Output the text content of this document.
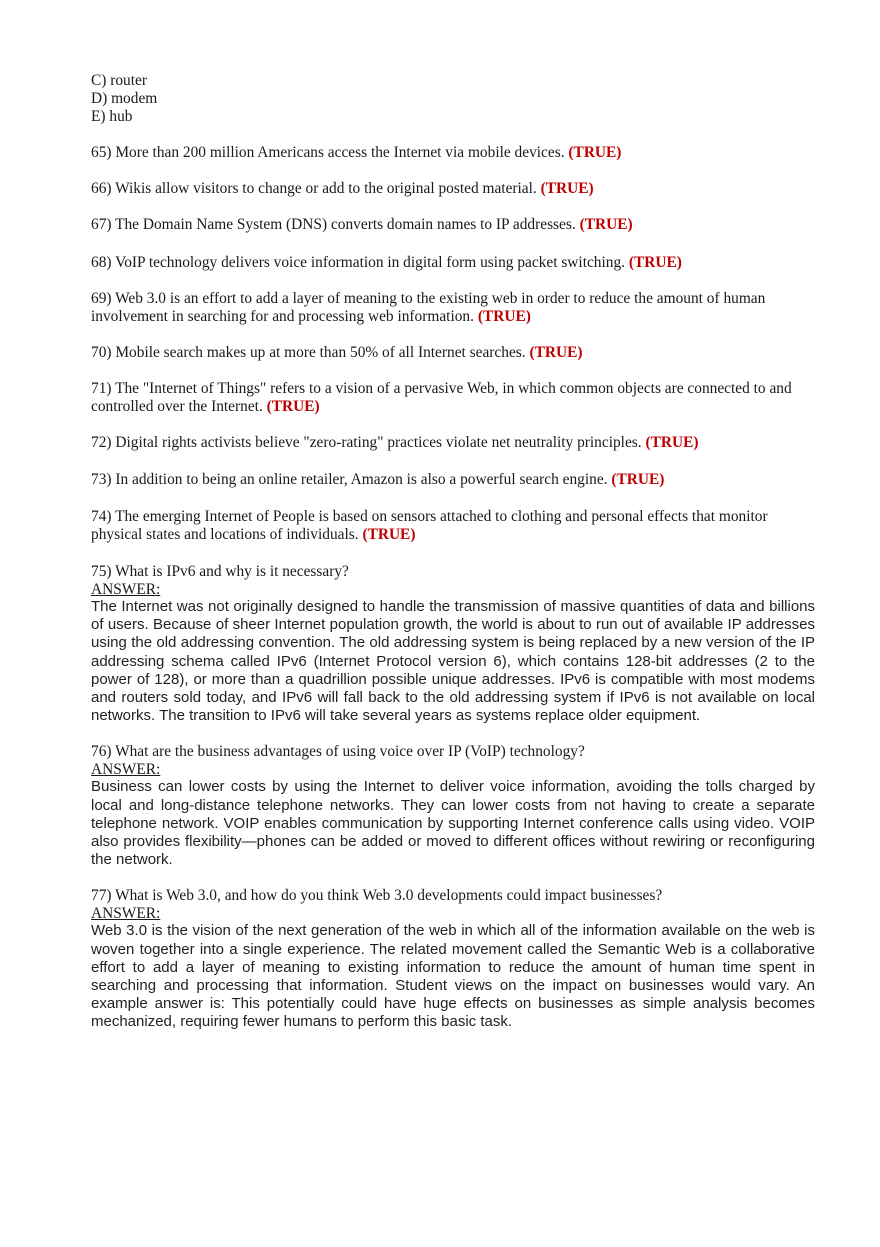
C) router
D) modem
E) hub
65) More than 200 million Americans access the Internet via mobile devices. (TRUE)
66) Wikis allow visitors to change or add to the original posted material. (TRUE)
67) The Domain Name System (DNS) converts domain names to IP addresses. (TRUE)
68) VoIP technology delivers voice information in digital form using packet switching. (TRUE)
69) Web 3.0 is an effort to add a layer of meaning to the existing web in order to reduce the amount of human involvement in searching for and processing web information. (TRUE)
70) Mobile search makes up at more than 50% of all Internet searches. (TRUE)
71) The "Internet of Things" refers to a vision of a pervasive Web, in which common objects are connected to and controlled over the Internet. (TRUE)
72) Digital rights activists believe "zero-rating" practices violate net neutrality principles. (TRUE)
73) In addition to being an online retailer, Amazon is also a powerful search engine. (TRUE)
74) The emerging Internet of People is based on sensors attached to clothing and personal effects that monitor physical states and locations of individuals. (TRUE)
75) What is IPv6 and why is it necessary?
ANSWER:
The Internet was not originally designed to handle the transmission of massive quantities of data and billions of users. Because of sheer Internet population growth, the world is about to run out of available IP addresses using the old addressing convention. The old addressing system is being replaced by a new version of the IP addressing schema called IPv6 (Internet Protocol version 6), which contains 128-bit addresses (2 to the power of 128), or more than a quadrillion possible unique addresses. IPv6 is compatible with most modems and routers sold today, and IPv6 will fall back to the old addressing system if IPv6 is not available on local networks. The transition to IPv6 will take several years as systems replace older equipment.
76) What are the business advantages of using voice over IP (VoIP) technology?
ANSWER:
Business can lower costs by using the Internet to deliver voice information, avoiding the tolls charged by local and long-distance telephone networks. They can lower costs from not having to create a separate telephone network. VOIP enables communication by supporting Internet conference calls using video. VOIP also provides flexibility—phones can be added or moved to different offices without rewiring or reconfiguring the network.
77) What is Web 3.0, and how do you think Web 3.0 developments could impact businesses?
ANSWER:
Web 3.0 is the vision of the next generation of the web in which all of the information available on the web is woven together into a single experience. The related movement called the Semantic Web is a collaborative effort to add a layer of meaning to existing information to reduce the amount of human time spent in searching and processing that information. Student views on the impact on businesses would vary. An example answer is: This potentially could have huge effects on businesses as simple analysis becomes mechanized, requiring fewer humans to perform this basic task.
